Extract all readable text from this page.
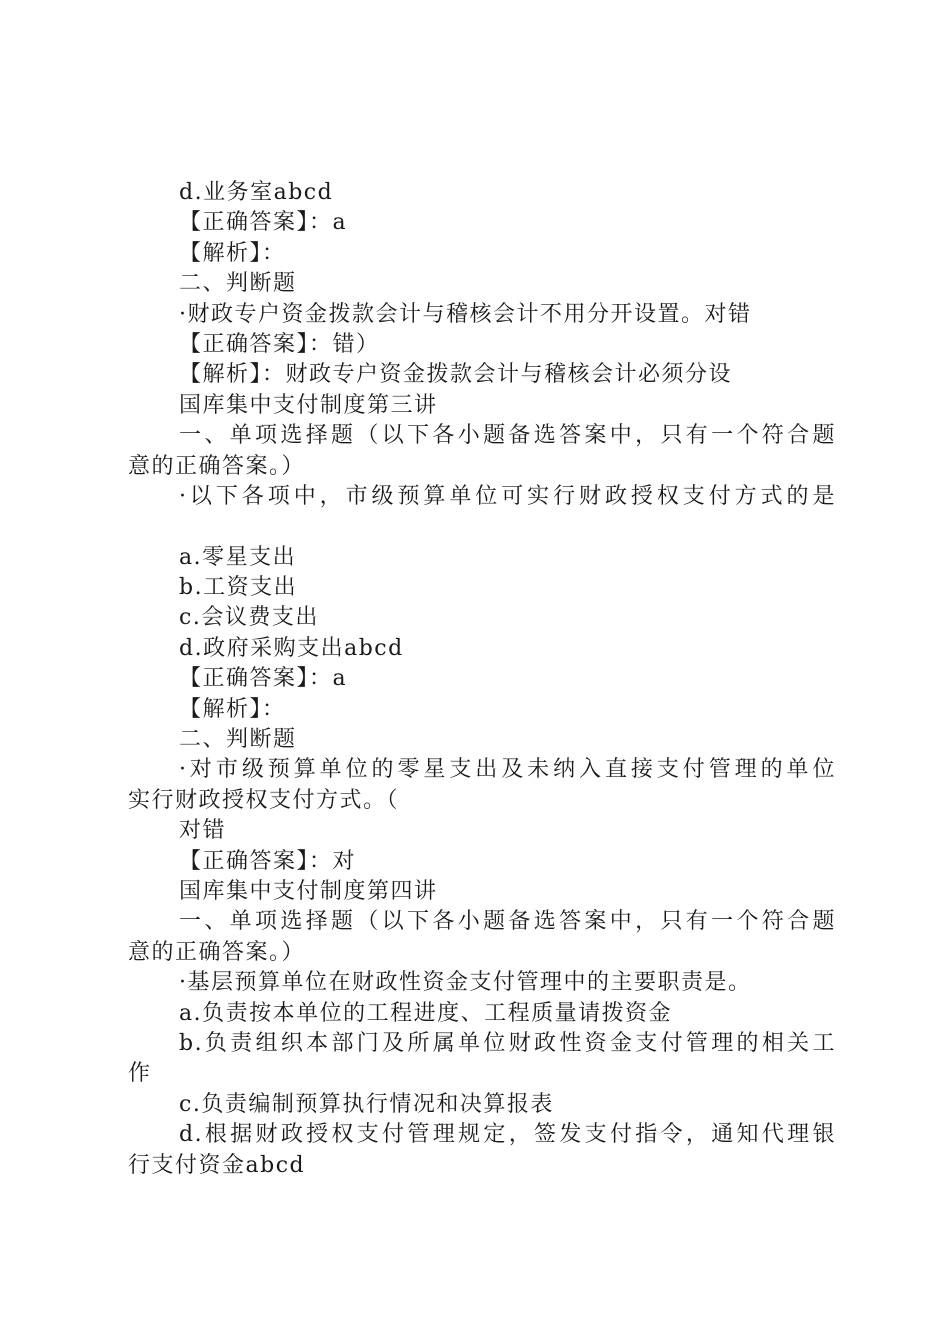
d.业务室abcd
【正确答案】：a
【解析】：
二、判断题
·财政专户资金拨款会计与稽核会计不用分开设置。对错
【正确答案】：错）
【解析】：财政专户资金拨款会计与稽核会计必须分设
国库集中支付制度第三讲
一、单项选择题（以下各小题备选答案中，只有一个符合题
意的正确答案。）
·以下各项中，市级预算单位可实行财政授权支付方式的是
a.零星支出
b.工资支出
c.会议费支出
d.政府采购支出abcd
【正确答案】：a
【解析】：
二、判断题
·对市级预算单位的零星支出及未纳入直接支付管理的单位
实行财政授权支付方式。（
对错
【正确答案】：对
国库集中支付制度第四讲
一、单项选择题（以下各小题备选答案中，只有一个符合题
意的正确答案。）
·基层预算单位在财政性资金支付管理中的主要职责是。
a.负责按本单位的工程进度、工程质量请拨资金
b.负责组织本部门及所属单位财政性资金支付管理的相关工
作
c.负责编制预算执行情况和决算报表
d.根据财政授权支付管理规定，签发支付指令，通知代理银
行支付资金abcd
